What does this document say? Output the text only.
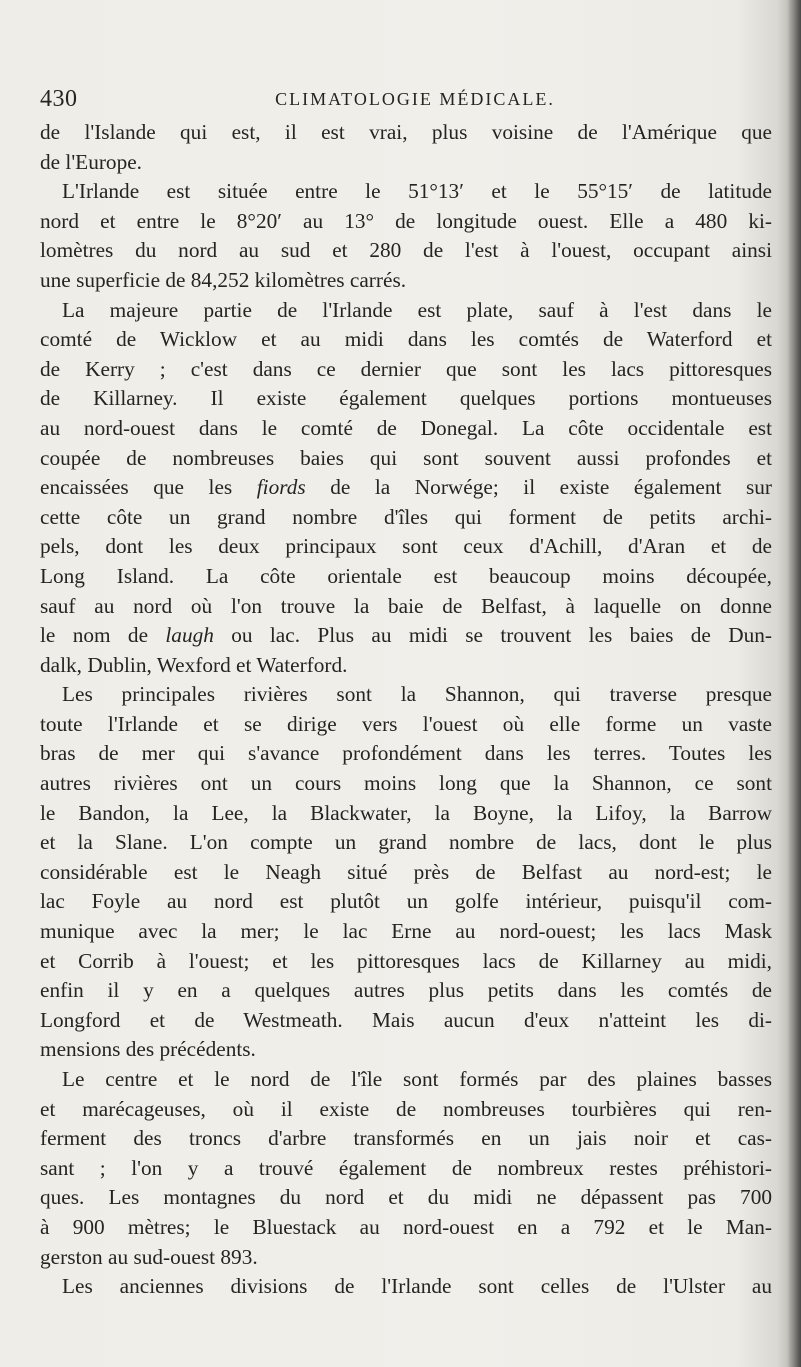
430	CLIMATOLOGIE MÉDICALE.
de l'Islande qui est, il est vrai, plus voisine de l'Amérique que
de l'Europe.
L'Irlande est située entre le 51°13′ et le 55°15′ de latitude
nord et entre le 8°20′ au 13° de longitude ouest. Elle a 480 ki-
lomètres du nord au sud et 280 de l'est à l'ouest, occupant ainsi
une superficie de 84,252 kilomètres carrés.
La majeure partie de l'Irlande est plate, sauf à l'est dans le
comté de Wicklow et au midi dans les comtés de Waterford et
de Kerry ; c'est dans ce dernier que sont les lacs pittoresques
de Killarney. Il existe également quelques portions montueuses
au nord-ouest dans le comté de Donegal. La côte occidentale est
coupée de nombreuses baies qui sont souvent aussi profondes et
encaissées que les fiords de la Norwége; il existe également sur
cette côte un grand nombre d'îles qui forment de petits archi-
pels, dont les deux principaux sont ceux d'Achill, d'Aran et de
Long Island. La côte orientale est beaucoup moins découpée,
sauf au nord où l'on trouve la baie de Belfast, à laquelle on donne
le nom de laugh ou lac. Plus au midi se trouvent les baies de Dun-
dalk, Dublin, Wexford et Waterford.
Les principales rivières sont la Shannon, qui traverse presque
toute l'Irlande et se dirige vers l'ouest où elle forme un vaste
bras de mer qui s'avance profondément dans les terres. Toutes les
autres rivières ont un cours moins long que la Shannon, ce sont
le Bandon, la Lee, la Blackwater, la Boyne, la Lifoy, la Barrow
et la Slane. L'on compte un grand nombre de lacs, dont le plus
considérable est le Neagh situé près de Belfast au nord-est; le
lac Foyle au nord est plutôt un golfe intérieur, puisqu'il com-
munique avec la mer; le lac Erne au nord-ouest; les lacs Mask
et Corrib à l'ouest; et les pittoresques lacs de Killarney au midi,
enfin il y en a quelques autres plus petits dans les comtés de
Longford et de Westmeath. Mais aucun d'eux n'atteint les di-
mensions des précédents.
Le centre et le nord de l'île sont formés par des plaines basses
et marécageuses, où il existe de nombreuses tourbières qui ren-
ferment des troncs d'arbre transformés en un jais noir et cas-
sant ; l'on y a trouvé également de nombreux restes préhistori-
ques. Les montagnes du nord et du midi ne dépassent pas 700
à 900 mètres; le Bluestack au nord-ouest en a 792 et le Man-
gerston au sud-ouest 893.
Les anciennes divisions de l'Irlande sont celles de l'Ulster au
